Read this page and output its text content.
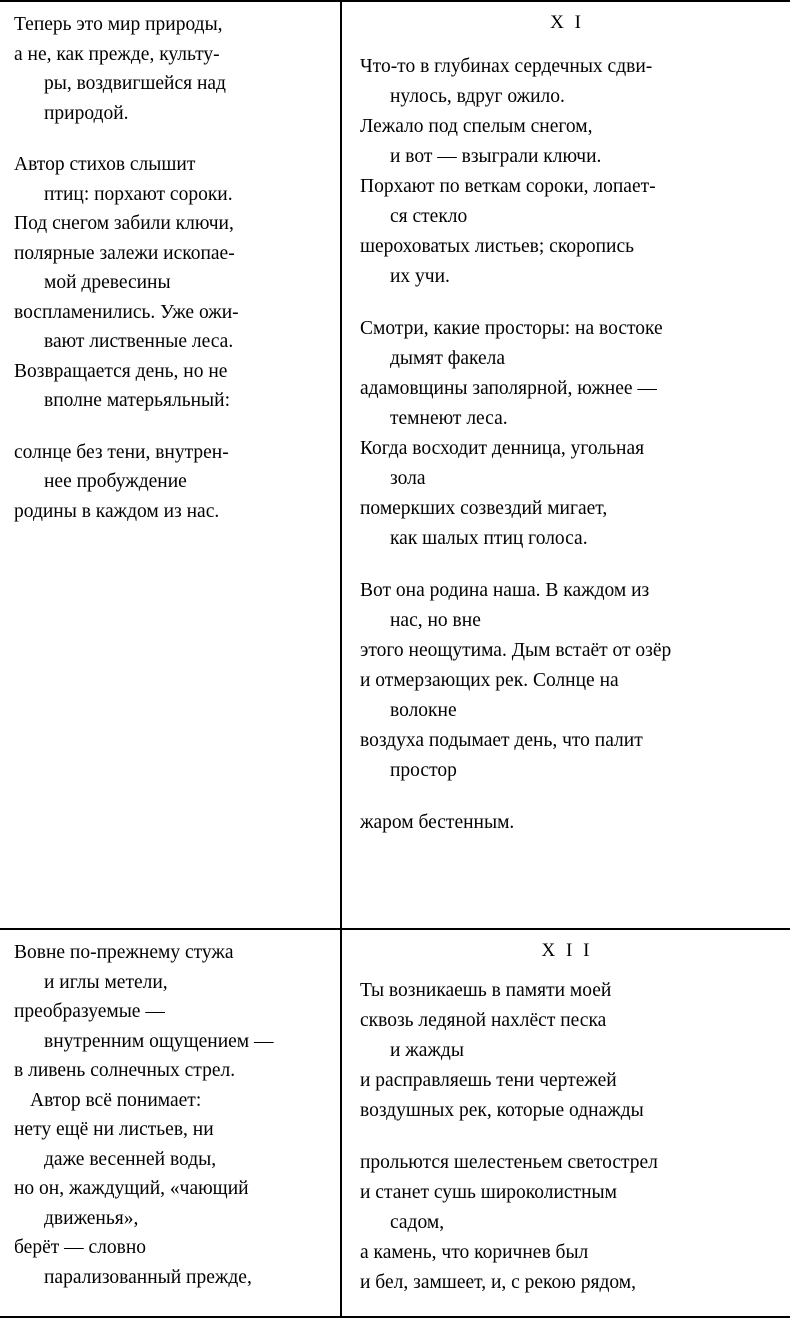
Теперь это мир природы,
а не, как прежде, культу-
ры, воздвигшейся над
природой.

Автор стихов слышит
птиц: порхают сороки.
Под снегом забили ключи,
полярные залежи ископае-
мой древесины
воспламенились. Уже ожи-
вают лиственные леса.
Возвращается день, но не
вполне матерьяльный:

солнце без тени, внутрен-
нее пробуждение
родины в каждом из нас.

X I

Что-то в глубинах сердечных сдви-
нулось, вдруг ожило.
Лежало под спелым снегом,
и вот — взыграли ключи.
Порхают по веткам сороки, лопает-
ся стекло
шероховатых листьев; скоропись
их учи.

Смотри, какие просторы: на востоке
дымят факела
адамовщины заполярной, южнее —
темнеют леса.
Когда восходит денница, угольная
зола
померкших созвездий мигает,
как шалых птиц голоса.

Вот она родина наша. В каждом из
нас, но вне
этого неощутима. Дым встаёт от озёр
и отмерзающих рек. Солнце на
волокне
воздуха подымает день, что палит
простор

жаром бестенным.

Вовне по-прежнему стужа
и иглы метели,
преобразуемые —
внутренним ощущением —
в ливень солнечных стрел.
Автор всё понимает:
нету ещё ни листьев, ни
даже весенней воды,
но он, жаждущий, «чающий
движенья»,
берёт — словно
парализованный прежде,

X I I

Ты возникаешь в памяти моей
сквозь ледяной нахлёст песка
и жажды
и расправляешь тени чертежей
воздушных рек, которые однажды

прольются шелестеньем светострел
и станет сушь широколистным
садом,
а камень, что коричнев был
и бел, замшеет, и, с рекою рядом,
